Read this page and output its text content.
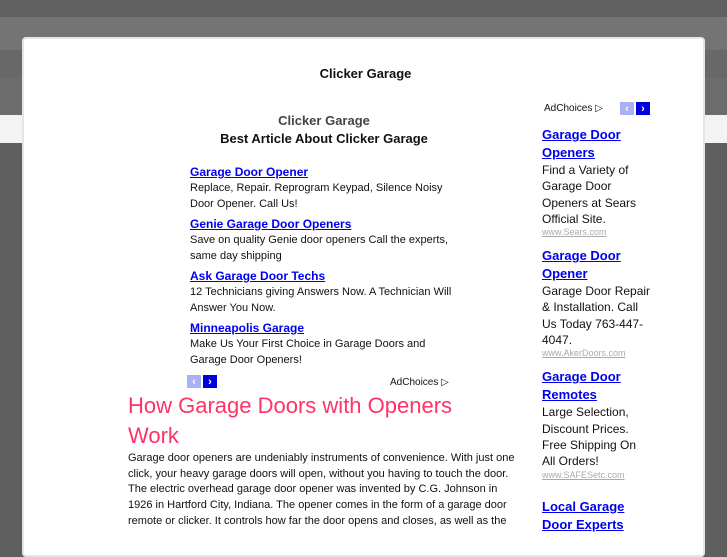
Clicker Garage
Clicker Garage
Best Article About Clicker Garage
Garage Door Opener

Replace, Repair. Reprogram Keypad, Silence Noisy Door Opener. Call Us!

Genie Garage Door Openers

Save on quality Genie door openers Call the experts, same day shipping

Ask Garage Door Techs

12 Technicians giving Answers Now. A Technician Will Answer You Now.

Minneapolis Garage

Make Us Your First Choice in Garage Doors and Garage Door Openers!

‹	›	AdChoices ▷
How Garage Doors with Openers Work

Garage door openers are undeniably instruments of convenience. With just one click, your heavy garage doors will open, without you having to touch the door.

The electric overhead garage door opener was invented by C.G. Johnson in 1926 in Hartford City, Indiana. The opener comes in the form of a garage door remote or clicker. It controls how far the door opens and closes, as well as the

AdChoices ▷	‹	›
Garage Door Openers

Find a Variety of Garage Door Openers at Sears Official Site.

www.Sears.com
Garage Door Opener

Garage Door Repair & Installation. Call Us Today 763-447-4047.

www.AkerDoors.com
Garage Door Remotes

Large Selection, Discount Prices. Free Shipping On All Orders!

www.SAFESetc.com
Local Garage Door Experts
